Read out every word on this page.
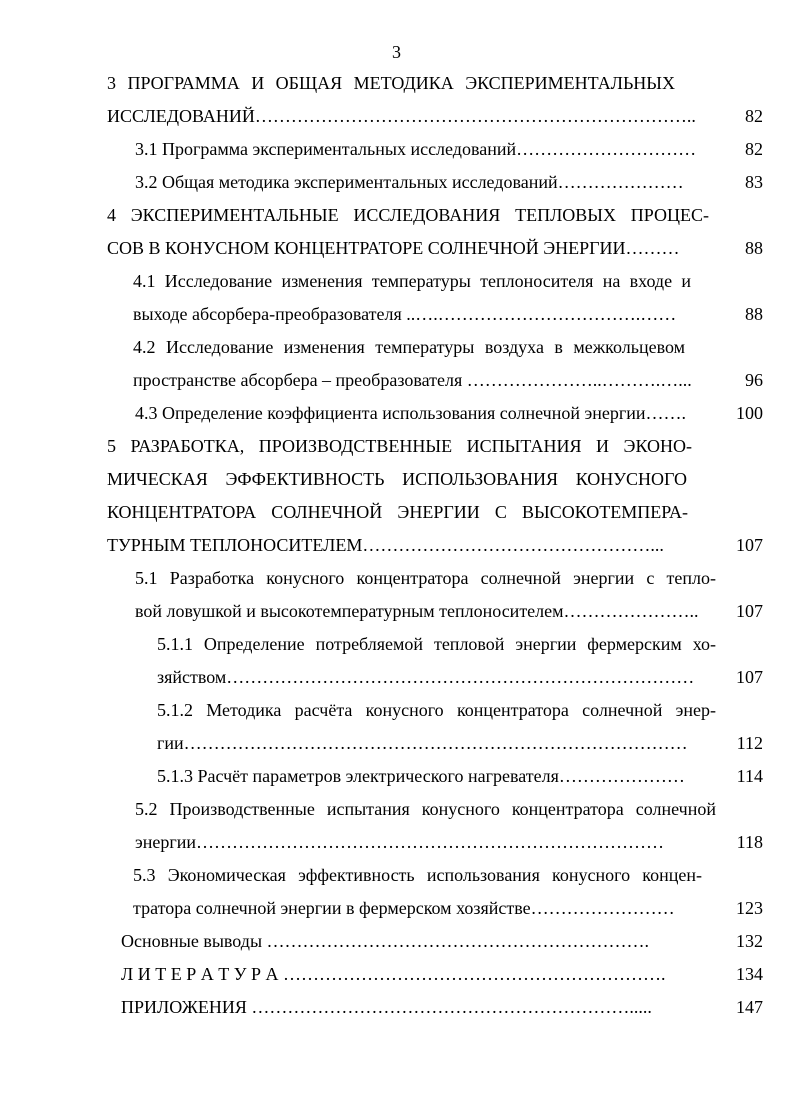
3
3 ПРОГРАММА И ОБЩАЯ МЕТОДИКА ЭКСПЕРИМЕНТАЛЬНЫХ
ИССЛЕДОВАНИЙ………………………………………………………………..	82
3.1 Программа экспериментальных исследований…………………………	82
3.2 Общая методика экспериментальных исследований…………………	83
4 ЭКСПЕРИМЕНТАЛЬНЫЕ ИССЛЕДОВАНИЯ ТЕПЛОВЫХ ПРОЦЕС-
СОВ В КОНУСНОМ КОНЦЕНТРАТОРЕ СОЛНЕЧНОЙ ЭНЕРГИИ………	88
4.1 Исследование изменения температуры теплоносителя на входе и
выходе абсорбера-преобразователя ..….…………………………….……	88
4.2 Исследование изменения температуры воздуха в межкольцевом
пространстве абсорбера – преобразователя …………………..……….…...	96
4.3 Определение коэффициента использования солнечной энергии…….	100
5 РАЗРАБОТКА, ПРОИЗВОДСТВЕННЫЕ ИСПЫТАНИЯ И ЭКОНО-
МИЧЕСКАЯ ЭФФЕКТИВНОСТЬ ИСПОЛЬЗОВАНИЯ КОНУСНОГО
КОНЦЕНТРАТОРА СОЛНЕЧНОЙ ЭНЕРГИИ С ВЫСОКОТЕМПЕРА-
ТУРНЫМ ТЕПЛОНОСИТЕЛЕМ…………………………………………...	107
5.1 Разработка конусного концентратора солнечной энергии с тепло-
вой ловушкой и высокотемпературным теплоносителем…………………..	107
5.1.1 Определение потребляемой тепловой энергии фермерским хо-
зяйством……………………………………………………………………	107
5.1.2 Методика расчёта конусного концентратора солнечной энер-
гии…………………………………………………………………………	112
5.1.3 Расчёт параметров электрического нагревателя…………………	114
5.2 Производственные испытания конусного концентратора солнечной
энергии……………………………………………………………………	118
5.3 Экономическая эффективность использования конусного концен-
тратора солнечной энергии в фермерском хозяйстве……………………	123
Основные выводы ……………………………………………………….	132
Л И Т Е Р А Т У Р А ……………………………………………………….	134
ПРИЛОЖЕНИЯ ……………………………………………………….....	147
